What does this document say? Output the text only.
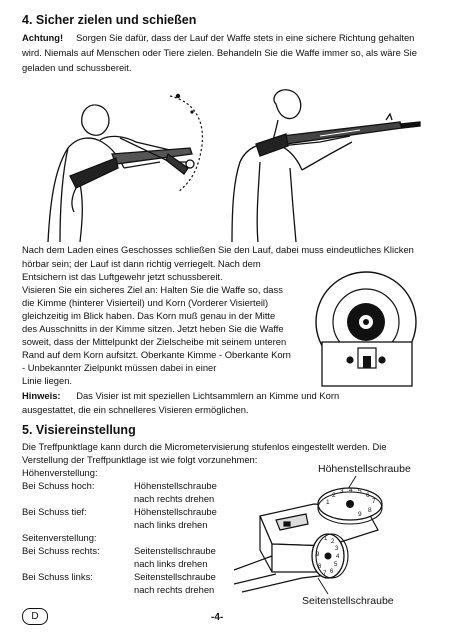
4. Sicher zielen und schießen
Achtung! Sorgen Sie dafür, dass der Lauf der Waffe stets in eine sichere Richtung gehalten
wird. Niemals auf Menschen oder Tiere zielen. Behandeln Sie die Waffe immer so, als wäre Sie
geladen und schussbereit.
Nach dem Laden eines Geschosses schließen Sie den Lauf, dabei muss eindeutliches Klicken
hörbar sein; der Lauf ist dann richtig verriegelt. Nach dem
Entsichern ist das Luftgewehr jetzt schussbereit.
Visieren Sie ein sicheres Ziel an: Halten Sie die Waffe so, dass
die Kimme (hinterer Visierteil) und Korn (Vorderer Visierteil)
gleichzeitig im Blick haben. Das Korn muß genau in der Mitte
des Ausschnitts in der Kimme sitzen. Jetzt heben Sie die Waffe
soweit, dass der Mittelpunkt der Zielscheibe mit seinem unteren
Rand auf dem Korn aufsitzt. Oberkante Kimme - Oberkante Korn
- Unbekannter Zielpunkt müssen dabei in einer
Linie liegen.
Hinweis: Das Visier ist mit speziellen Lichtsammlern an Kimme und Korn
ausgestattet, die ein schnelleres Visieren ermöglichen.
5. Visiereinstellung
Die Treffpunktlage kann durch die Micrometervisierung stufenlos eingestellt werden. Die
Verstellung der Treffpunktlage ist wie folgt vorzunehmen:
Höhenverstellung:
Bei Schuss hoch:	Höhenstellschraube
nach rechts drehen
Bei Schuss tief:	Höhenstellschraube
nach links drehen
Seitenverstellung:
Bei Schuss rechts:	Seitenstellschraube
nach links drehen
Bei Schuss links:	Seitenstellschraube
nach rechts drehen
Höhenstellschraube
Seitenstellschraube
1
2
3 4 5
6
7
8
9
1 2
3
4
5
6
7
8
9
D	-4-
